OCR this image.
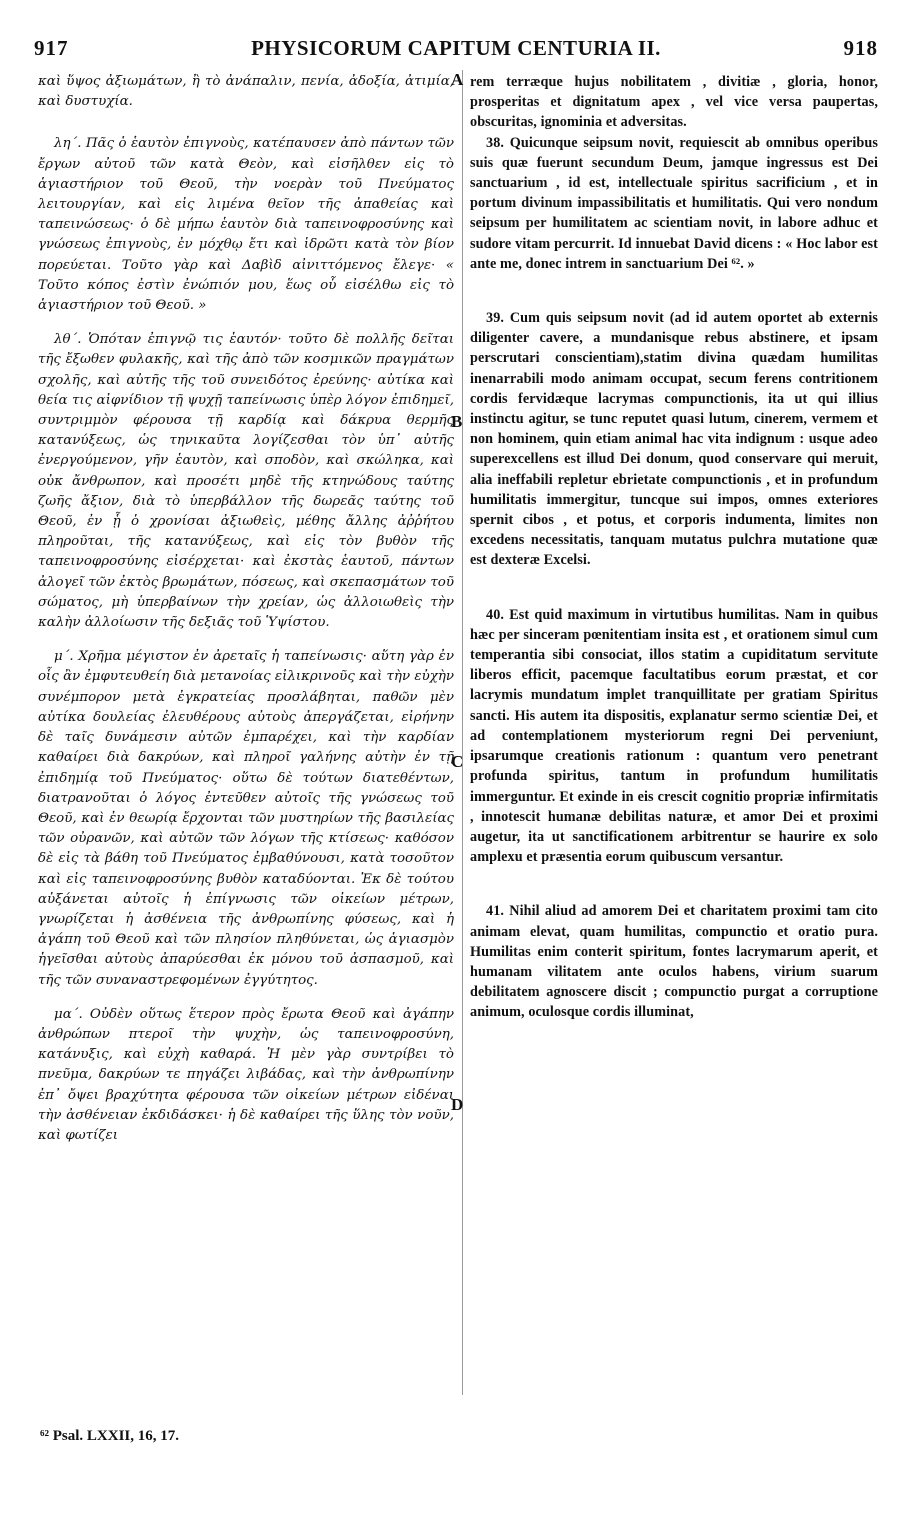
917	PHYSICORUM CAPITUM CENTURIA II.	918
A
B
C
D

καὶ ὕψος ἀξιωμάτων, ἢ τὸ ἀνάπαλιν, πενία, ἀδοξία, ἀτιμία, καὶ δυστυχία.

λη΄. Πᾶς ὁ ἑαυτὸν ἐπιγνοὺς, κατέπαυσεν ἀπὸ πάντων τῶν ἔργων αὐτοῦ τῶν κατὰ Θεὸν, καὶ εἰσῆλθεν εἰς τὸ ἁγιαστήριον τοῦ Θεοῦ, τὴν νοερὰν τοῦ Πνεύματος λειτουργίαν, καὶ εἰς λιμένα θεῖον τῆς ἀπαθείας καὶ ταπεινώσεως· ὁ δὲ μήπω ἑαυτὸν διὰ ταπεινοφροσύνης καὶ γνώσεως ἐπιγνοὺς, ἐν μόχθῳ ἔτι καὶ ἱδρῶτι κατὰ τὸν βίον πορεύεται. Τοῦτο γὰρ καὶ Δαβὶδ αἰνιττόμενος ἔλεγε· « Τοῦτο κόπος ἐστὶν ἐνώπιόν μου, ἕως οὗ εἰσέλθω εἰς τὸ ἁγιαστήριον τοῦ Θεοῦ. »

λθ΄. Ὁπόταν ἐπιγνῷ τις ἑαυτόν· τοῦτο δὲ πολλῆς δεῖται τῆς ἔξωθεν φυλακῆς, καὶ τῆς ἀπὸ τῶν κοσμικῶν πραγμάτων σχολῆς, καὶ αὐτῆς τῆς τοῦ συνειδότος ἐρεύνης· αὐτίκα καὶ θεία τις αἰφνίδιον τῇ ψυχῇ ταπείνωσις ὑπὲρ λόγον ἐπιδημεῖ, συντριμμὸν φέρουσα τῇ καρδίᾳ καὶ δάκρυα θερμῆς κατανύξεως, ὡς τηνικαῦτα λογίζεσθαι τὸν ὑπ᾿ αὐτῆς ἐνεργούμενον, γῆν ἑαυτὸν, καὶ σποδὸν, καὶ σκώληκα, καὶ οὐκ ἄνθρωπον, καὶ προσέτι μηδὲ τῆς κτηνώδους ταύτης ζωῆς ἄξιον, διὰ τὸ ὑπερβάλλον τῆς δωρεᾶς ταύτης τοῦ Θεοῦ, ἐν ᾗ ὁ χρονίσαι ἀξιωθεὶς, μέθης ἄλλης ἀῤῥήτου πληροῦται, τῆς κατανύξεως, καὶ εἰς τὸν βυθὸν τῆς ταπεινοφροσύνης εἰσέρχεται· καὶ ἐκστὰς ἑαυτοῦ, πάντων ἀλογεῖ τῶν ἐκτὸς βρωμάτων, πόσεως, καὶ σκεπασμάτων τοῦ σώματος, μὴ ὑπερβαίνων τὴν χρείαν, ὡς ἀλλοιωθεὶς τὴν καλὴν ἀλλοίωσιν τῆς δεξιᾶς τοῦ Ὑψίστου.

μ΄. Χρῆμα μέγιστον ἐν ἀρεταῖς ἡ ταπείνωσις· αὕτη γὰρ ἐν οἷς ἂν ἐμφυτευθείη διὰ μετανοίας εἰλικρινοῦς καὶ τὴν εὐχὴν συνέμπορον μετὰ ἐγκρατείας προσλάβηται, παθῶν μὲν αὐτίκα δουλείας ἐλευθέρους αὐτοὺς ἀπεργάζεται, εἰρήνην δὲ ταῖς δυνάμεσιν αὐτῶν ἐμπαρέχει, καὶ τὴν καρδίαν καθαίρει διὰ δακρύων, καὶ πληροῖ γαλήνης αὐτὴν ἐν τῇ ἐπιδημίᾳ τοῦ Πνεύματος· οὕτω δὲ τούτων διατεθέντων, διατρανοῦται ὁ λόγος ἐντεῦθεν αὐτοῖς τῆς γνώσεως τοῦ Θεοῦ, καὶ ἐν θεωρίᾳ ἔρχονται τῶν μυστηρίων τῆς βασιλείας τῶν οὐρανῶν, καὶ αὐτῶν τῶν λόγων τῆς κτίσεως· καθόσον δὲ εἰς τὰ βάθη τοῦ Πνεύματος ἐμβαθύνουσι, κατὰ τοσοῦτον καὶ εἰς ταπεινοφροσύνης βυθὸν καταδύονται. Ἐκ δὲ τούτου αὐξάνεται αὐτοῖς ἡ ἐπίγνωσις τῶν οἰκείων μέτρων, γνωρίζεται ἡ ἀσθένεια τῆς ἀνθρωπίνης φύσεως, καὶ ἡ ἀγάπη τοῦ Θεοῦ καὶ τῶν πλησίον πληθύνεται, ὡς ἁγιασμὸν ἡγεῖσθαι αὐτοὺς ἀπαρύεσθαι ἐκ μόνου τοῦ ἀσπασμοῦ, καὶ τῆς τῶν συναναστρεφομένων ἐγγύτητος.

μα΄. Οὐδὲν οὕτως ἕτερον πρὸς ἔρωτα Θεοῦ καὶ ἀγάπην ἀνθρώπων πτεροῖ τὴν ψυχὴν, ὡς ταπεινοφροσύνη, κατάνυξις, καὶ εὐχὴ καθαρά. Ἡ μὲν γὰρ συντρίβει τὸ πνεῦμα, δακρύων τε πηγάζει λιβάδας, καὶ τὴν ἀνθρωπίνην ἐπ᾿ ὄψει βραχύτητα φέρουσα τῶν οἰκείων μέτρων εἰδέναι τὴν ἀσθένειαν ἐκδιδάσκει· ἡ δὲ καθαίρει τῆς ὕλης τὸν νοῦν, καὶ φωτίζει

rem terræque hujus nobilitatem , divitiæ , gloria, honor, prosperitas et dignitatum apex , vel vice versa paupertas, obscuritas, ignominia et adversitas.

38. Quicunque seipsum novit, requiescit ab omnibus operibus suis quæ fuerunt secundum Deum, jamque ingressus est Dei sanctuarium , id est, intellectuale spiritus sacrificium , et in portum divinum impassibilitatis et humilitatis. Qui vero nondum seipsum per humilitatem ac scientiam novit, in labore adhuc et sudore vitam percurrit. Id innuebat David dicens : « Hoc labor est ante me, donec intrem in sanctuarium Dei ⁶². »

39. Cum quis seipsum novit (ad id autem oportet ab externis diligenter cavere, a mundanisque rebus abstinere, et ipsam perscrutari conscientiam),statim divina quædam humilitas inenarrabili modo animam occupat, secum ferens contritionem cordis fervidæque lacrymas compunctionis, ita ut qui illius instinctu agitur, se tunc reputet quasi lutum, cinerem, vermem et non hominem, quin etiam animal hac vita indignum : usque adeo superexcellens est illud Dei donum, quod conservare qui meruit, alia ineffabili repletur ebrietate compunctionis , et in profundum humilitatis immergitur, tuncque sui impos, omnes exteriores spernit cibos , et potus, et corporis indumenta, limites non excedens necessitatis, tanquam mutatus pulchra mutatione quæ est dexteræ Excelsi.

40. Est quid maximum in virtutibus humilitas. Nam in quibus hæc per sinceram pœnitentiam insita est , et orationem simul cum temperantia sibi consociat, illos statim a cupiditatum servitute liberos efficit, pacemque facultatibus eorum præstat, et cor lacrymis mundatum implet tranquillitate per gratiam Spiritus sancti. His autem ita dispositis, explanatur sermo scientiæ Dei, et ad contemplationem mysteriorum regni Dei perveniunt, ipsarumque creationis rationum : quantum vero penetrant profunda spiritus, tantum in profundum humilitatis immerguntur. Et exinde in eis crescit cognitio propriæ infirmitatis , innotescit humanæ debilitas naturæ, et amor Dei et proximi augetur, ita ut sanctificationem arbitrentur se haurire ex solo amplexu et præsentia eorum quibuscum versantur.

41. Nihil aliud ad amorem Dei et charitatem proximi tam cito animam elevat, quam humilitas, compunctio et oratio pura. Humilitas enim conterit spiritum, fontes lacrymarum aperit, et humanam vilitatem ante oculos habens, virium suarum debilitatem agnoscere discit ; compunctio purgat a corruptione animum, oculosque cordis illuminat,

⁶² Psal. LXXII, 16, 17.
